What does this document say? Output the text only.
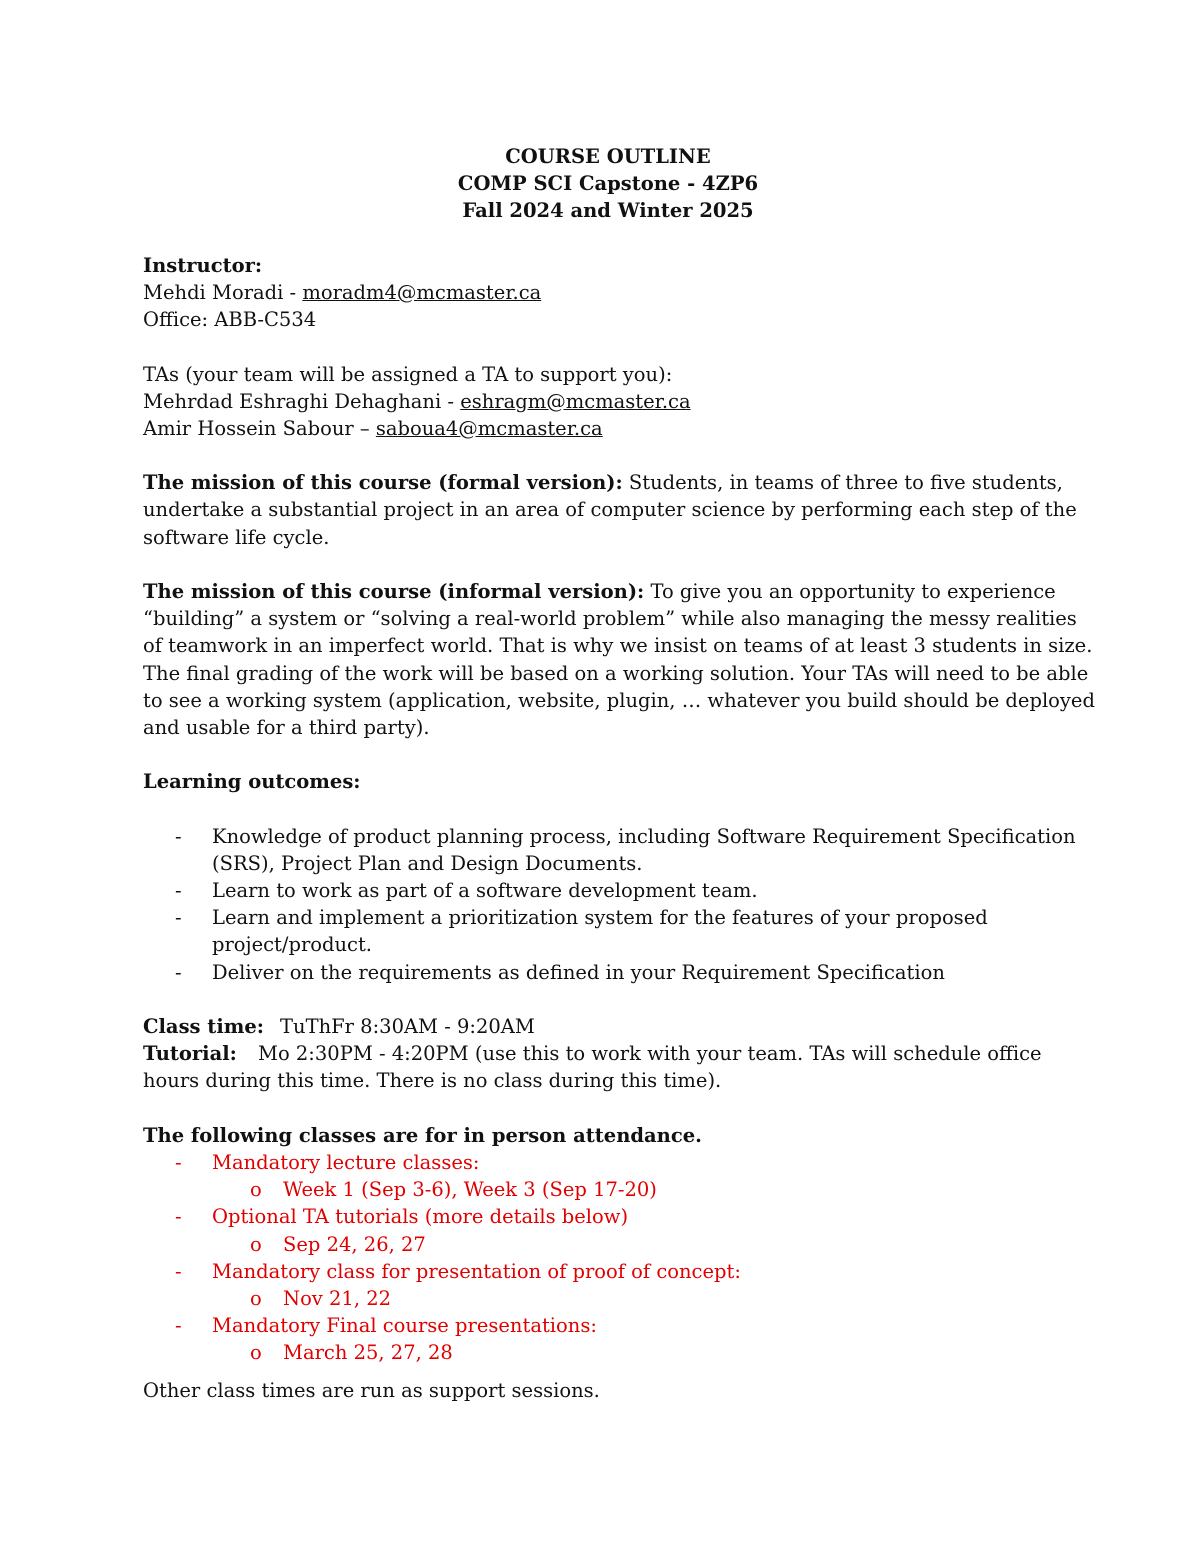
COURSE OUTLINE
COMP SCI Capstone - 4ZP6
Fall 2024 and Winter 2025
Instructor:
Mehdi Moradi - moradm4@mcmaster.ca
Office: ABB-C534
TAs (your team will be assigned a TA to support you):
Mehrdad Eshraghi Dehaghani - eshragm@mcmaster.ca
Amir Hossein Sabour – saboua4@mcmaster.ca
The mission of this course (formal version): Students, in teams of three to five students,
undertake a substantial project in an area of computer science by performing each step of the
software life cycle.
The mission of this course (informal version): To give you an opportunity to experience
“building” a system or “solving a real-world problem” while also managing the messy realities
of teamwork in an imperfect world. That is why we insist on teams of at least 3 students in size.
The final grading of the work will be based on a working solution. Your TAs will need to be able
to see a working system (application, website, plugin, … whatever you build should be deployed
and usable for a third party).
Learning outcomes:
-	Knowledge of product planning process, including Software Requirement Specification
(SRS), Project Plan and Design Documents.
-	Learn to work as part of a software development team.
-	Learn and implement a prioritization system for the features of your proposed
project/product.
-	Deliver on the requirements as defined in your Requirement Specification
Class time: TuThFr 8:30AM - 9:20AM
Tutorial: Mo 2:30PM - 4:20PM (use this to work with your team. TAs will schedule office
hours during this time. There is no class during this time).
The following classes are for in person attendance.
-	Mandatory lecture classes:
o	Week 1 (Sep 3-6), Week 3 (Sep 17-20)
-	Optional TA tutorials (more details below)
o	Sep 24, 26, 27
-	Mandatory class for presentation of proof of concept:
o	Nov 21, 22
-	Mandatory Final course presentations:
o	March 25, 27, 28
Other class times are run as support sessions.
